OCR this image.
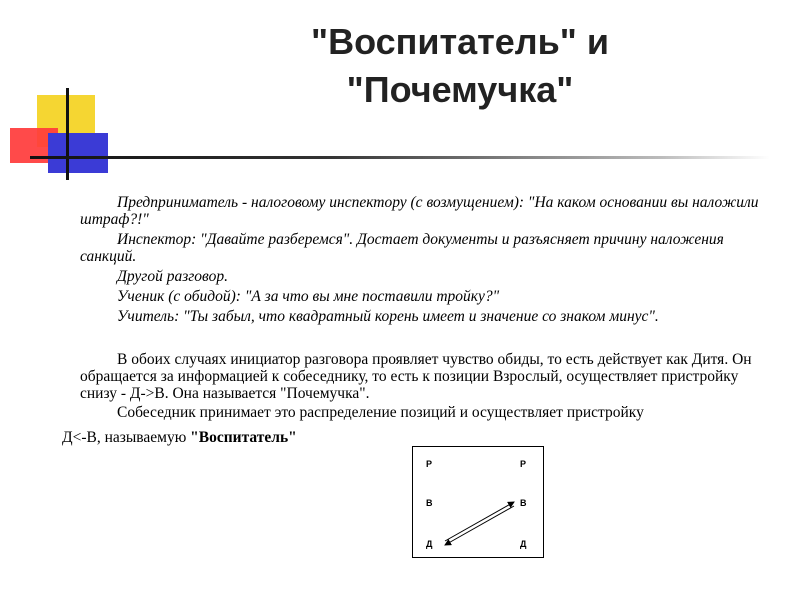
"Воспитатель" и
"Почемучка"

Предприниматель - налоговому инспектору (с возмущением): "На каком основании вы наложили штраф?!"

Инспектор: "Давайте разберемся". Достает документы и разъясняет причину наложения санкций.

Другой разговор.

Ученик (с обидой): "А за что вы мне поставили тройку?"

Учитель: "Ты забыл, что квадратный корень имеет и значение со знаком минус".

В обоих случаях инициатор разговора проявляет чувство обиды, то есть действует как Дитя. Он обращается за информацией к собеседнику, то есть к позиции Взрослый, осуществляет пристройку снизу - Д->В. Она называется "Почемучка".

Собеседник принимает это распределение позиций и осуществляет пристройку

Д<-В, называемую "Воспитатель"
Р
В
Д
Р
В
Д
